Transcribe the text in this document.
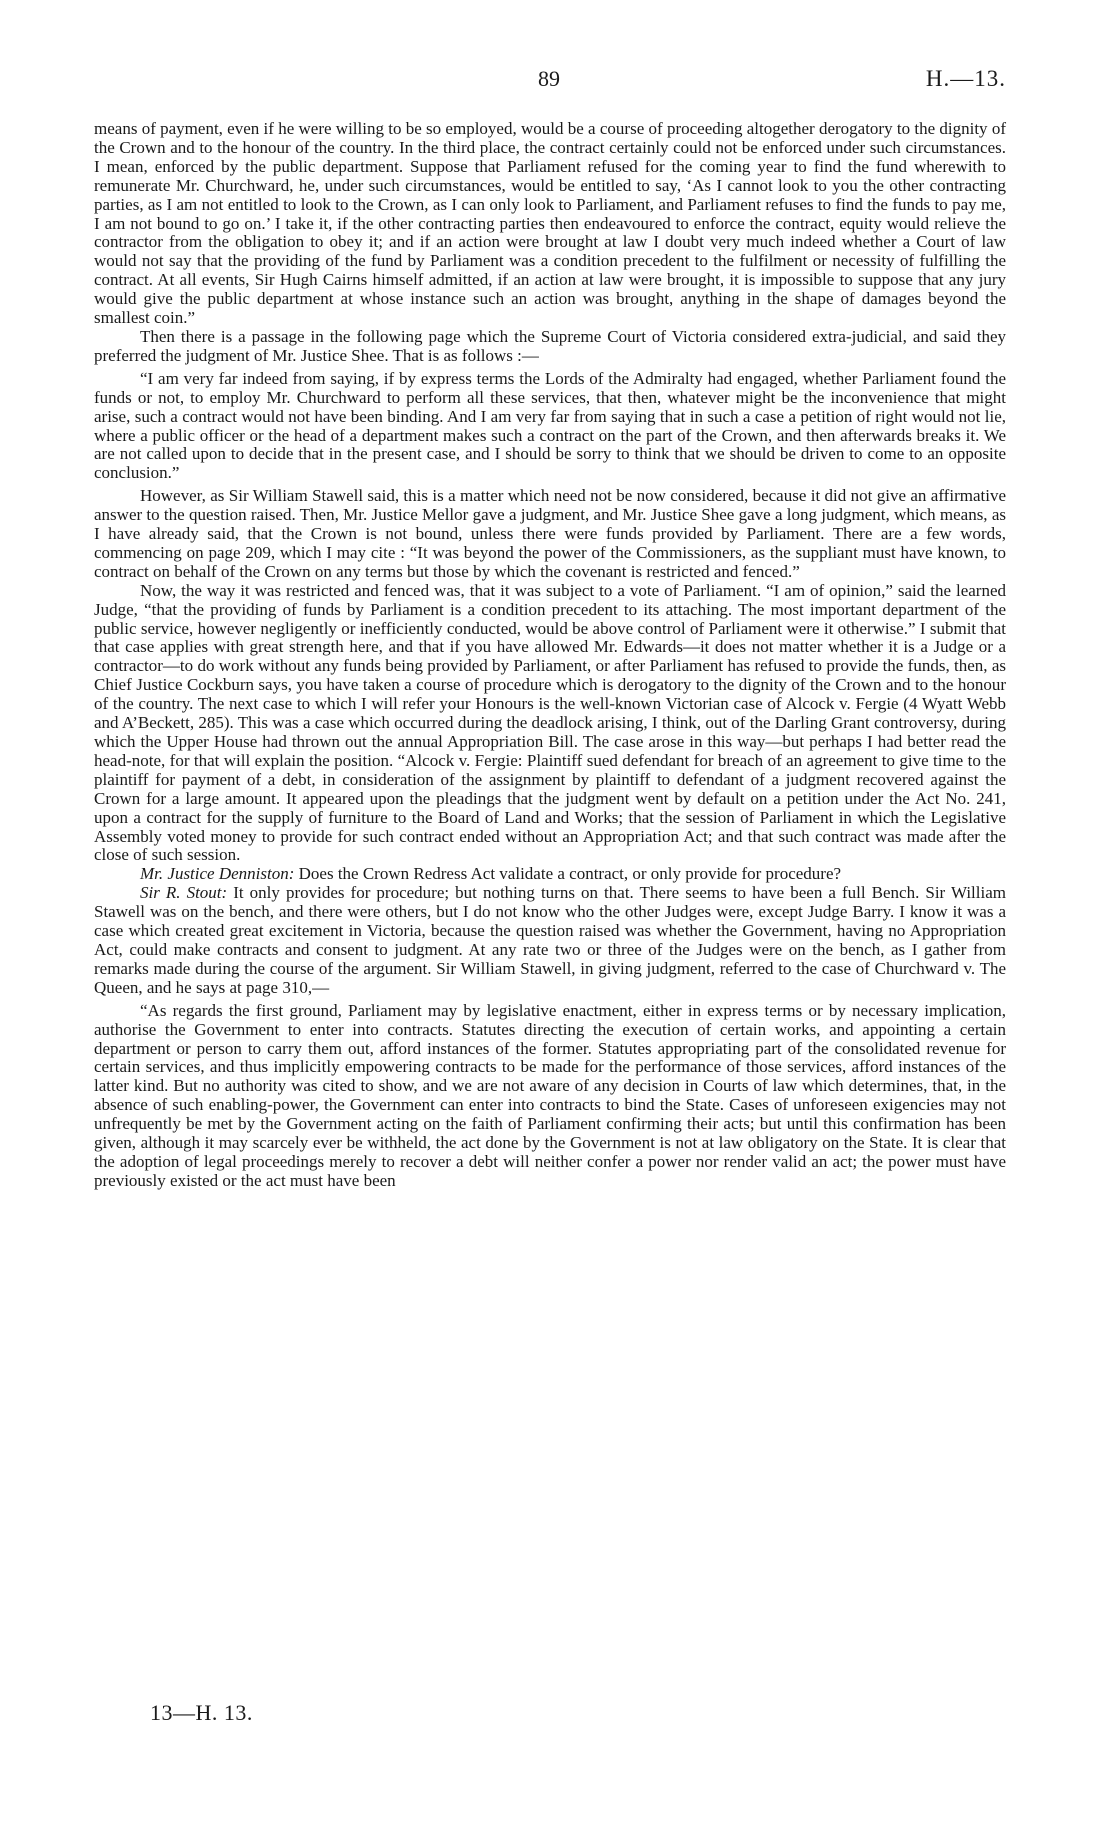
89	H.—13.

means of payment, even if he were willing to be so employed, would be a course of proceeding altogether derogatory to the dignity of the Crown and to the honour of the country. In the third place, the contract certainly could not be enforced under such circumstances. I mean, enforced by the public department. Suppose that Parliament refused for the coming year to find the fund wherewith to remunerate Mr. Churchward, he, under such circumstances, would be entitled to say, ‘As I cannot look to you the other contracting parties, as I am not entitled to look to the Crown, as I can only look to Parliament, and Parliament refuses to find the funds to pay me, I am not bound to go on.’ I take it, if the other contracting parties then endeavoured to enforce the contract, equity would relieve the contractor from the obligation to obey it; and if an action were brought at law I doubt very much indeed whether a Court of law would not say that the providing of the fund by Parliament was a condition precedent to the fulfilment or necessity of fulfilling the contract. At all events, Sir Hugh Cairns himself admitted, if an action at law were brought, it is impossible to suppose that any jury would give the public department at whose instance such an action was brought, anything in the shape of damages beyond the smallest coin.”

Then there is a passage in the following page which the Supreme Court of Victoria considered extra-judicial, and said they preferred the judgment of Mr. Justice Shee. That is as follows :—

“I am very far indeed from saying, if by express terms the Lords of the Admiralty had engaged, whether Parliament found the funds or not, to employ Mr. Churchward to perform all these services, that then, whatever might be the inconvenience that might arise, such a contract would not have been binding. And I am very far from saying that in such a case a petition of right would not lie, where a public officer or the head of a department makes such a contract on the part of the Crown, and then afterwards breaks it. We are not called upon to decide that in the present case, and I should be sorry to think that we should be driven to come to an opposite conclusion.”

However, as Sir William Stawell said, this is a matter which need not be now considered, because it did not give an affirmative answer to the question raised. Then, Mr. Justice Mellor gave a judgment, and Mr. Justice Shee gave a long judgment, which means, as I have already said, that the Crown is not bound, unless there were funds provided by Parliament. There are a few words, commencing on page 209, which I may cite : “It was beyond the power of the Commissioners, as the suppliant must have known, to contract on behalf of the Crown on any terms but those by which the covenant is restricted and fenced.”

Now, the way it was restricted and fenced was, that it was subject to a vote of Parliament. “I am of opinion,” said the learned Judge, “that the providing of funds by Parliament is a condition precedent to its attaching. The most important department of the public service, however negligently or inefficiently conducted, would be above control of Parliament were it otherwise.” I submit that that case applies with great strength here, and that if you have allowed Mr. Edwards—it does not matter whether it is a Judge or a contractor—to do work without any funds being provided by Parliament, or after Parliament has refused to provide the funds, then, as Chief Justice Cockburn says, you have taken a course of procedure which is derogatory to the dignity of the Crown and to the honour of the country. The next case to which I will refer your Honours is the well-known Victorian case of Alcock v. Fergie (4 Wyatt Webb and A’Beckett, 285). This was a case which occurred during the deadlock arising, I think, out of the Darling Grant controversy, during which the Upper House had thrown out the annual Appropriation Bill. The case arose in this way—but perhaps I had better read the head-note, for that will explain the position. “Alcock v. Fergie: Plaintiff sued defendant for breach of an agreement to give time to the plaintiff for payment of a debt, in consideration of the assignment by plaintiff to defendant of a judgment recovered against the Crown for a large amount. It appeared upon the pleadings that the judgment went by default on a petition under the Act No. 241, upon a contract for the supply of furniture to the Board of Land and Works; that the session of Parliament in which the Legislative Assembly voted money to provide for such contract ended without an Appropriation Act; and that such contract was made after the close of such session.

Mr. Justice Denniston: Does the Crown Redress Act validate a contract, or only provide for procedure?

Sir R. Stout: It only provides for procedure; but nothing turns on that. There seems to have been a full Bench. Sir William Stawell was on the bench, and there were others, but I do not know who the other Judges were, except Judge Barry. I know it was a case which created great excitement in Victoria, because the question raised was whether the Government, having no Appropriation Act, could make contracts and consent to judgment. At any rate two or three of the Judges were on the bench, as I gather from remarks made during the course of the argument. Sir William Stawell, in giving judgment, referred to the case of Churchward v. The Queen, and he says at page 310,—

“As regards the first ground, Parliament may by legislative enactment, either in express terms or by necessary implication, authorise the Government to enter into contracts. Statutes directing the execution of certain works, and appointing a certain department or person to carry them out, afford instances of the former. Statutes appropriating part of the consolidated revenue for certain services, and thus implicitly empowering contracts to be made for the performance of those services, afford instances of the latter kind. But no authority was cited to show, and we are not aware of any decision in Courts of law which determines, that, in the absence of such enabling-power, the Government can enter into contracts to bind the State. Cases of unforeseen exigencies may not unfrequently be met by the Government acting on the faith of Parliament confirming their acts; but until this confirmation has been given, although it may scarcely ever be withheld, the act done by the Government is not at law obligatory on the State. It is clear that the adoption of legal proceedings merely to recover a debt will neither confer a power nor render valid an act; the power must have previously existed or the act must have been

13—H. 13.
